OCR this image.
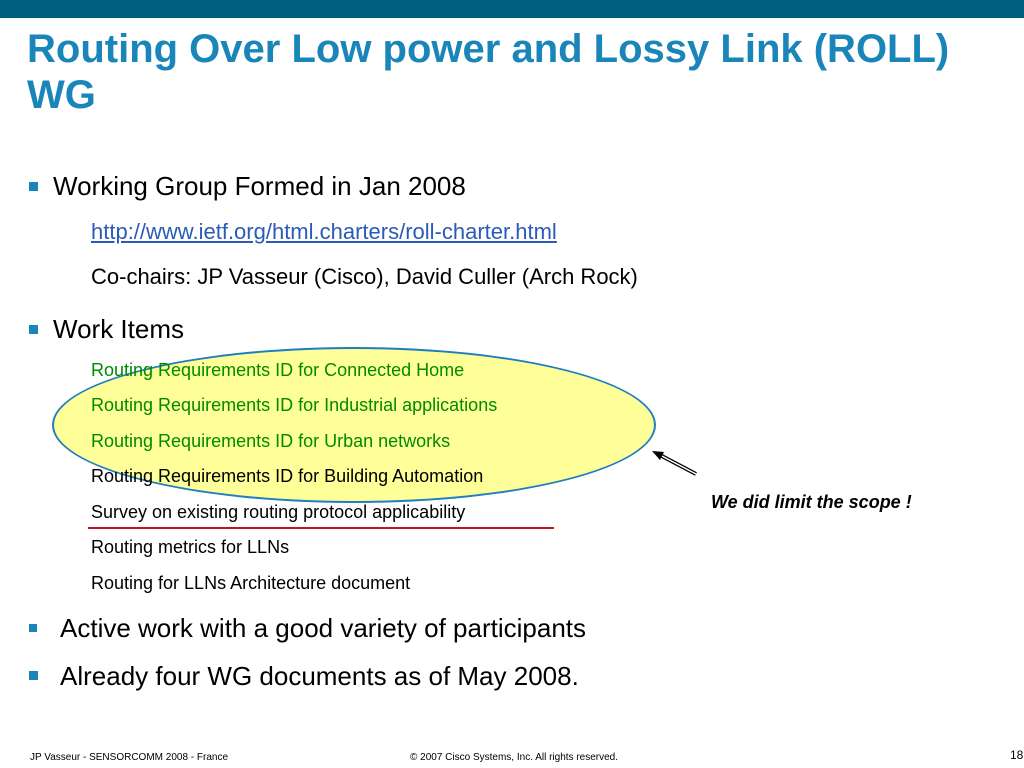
Routing Over Low power and Lossy Link (ROLL) WG
Working Group Formed in Jan 2008
http://www.ietf.org/html.charters/roll-charter.html
Co-chairs: JP Vasseur (Cisco), David Culler (Arch Rock)
Work Items
Routing Requirements ID for Connected Home
Routing Requirements ID for Industrial applications
Routing Requirements ID for Urban networks
Routing Requirements ID for Building Automation
Survey on existing routing protocol applicability
Routing metrics for LLNs
Routing for LLNs Architecture document
We did limit the scope !
Active work with a good variety of participants
Already four WG documents as of May 2008.
JP Vasseur - SENSORCOMM 2008 - France	© 2007 Cisco Systems, Inc. All rights reserved.	18
